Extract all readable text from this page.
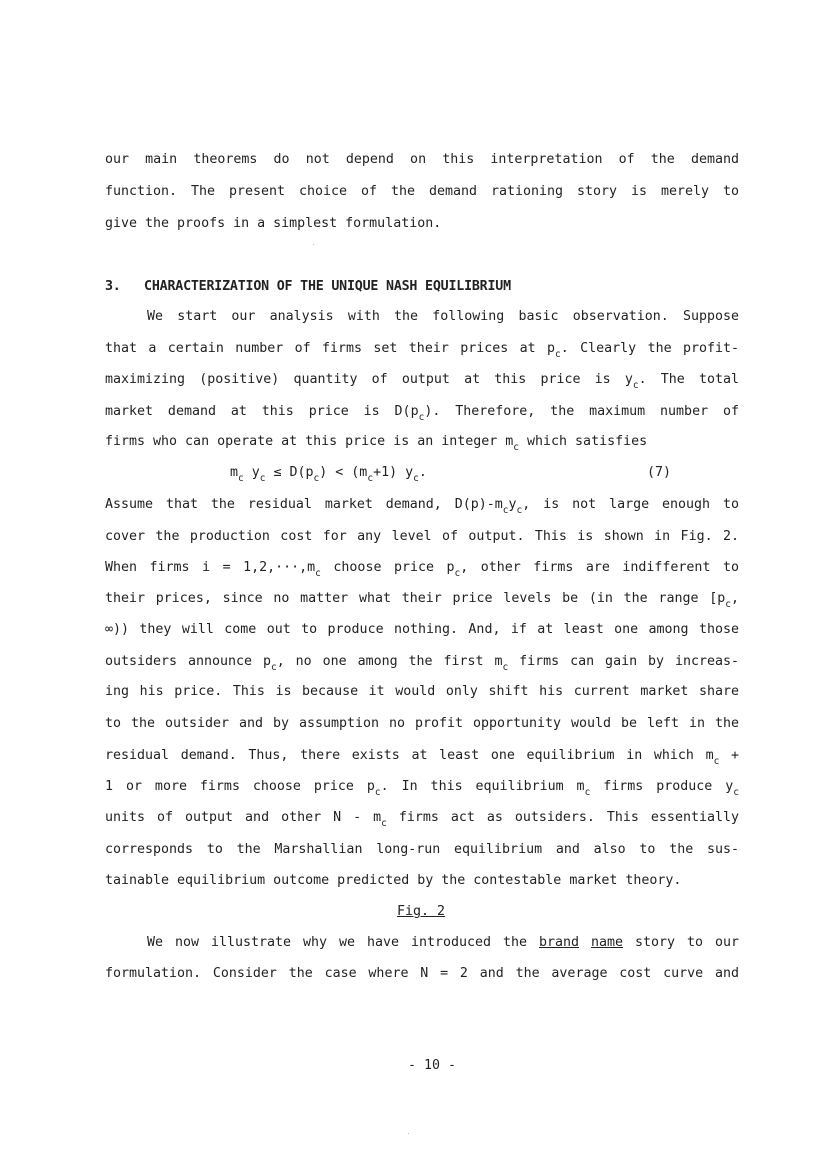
our main theorems do not depend on this interpretation of the demand
function. The present choice of the demand rationing story is merely to
give the proofs in a simplest formulation.
3. CHARACTERIZATION OF THE UNIQUE NASH EQUILIBRIUM
We start our analysis with the following basic observation. Suppose
that a certain number of firms set their prices at $p_c$. Clearly the profit-
maximizing (positive) quantity of output at this price is $y_c$. The total
market demand at this price is $D(p_c)$. Therefore, the maximum number of
firms who can operate at this price is an integer $m_c$ which satisfies
$m_c$ $y_c \le D(p_c) < (m_c+1)$ $y_c$.	(7)
Assume that the residual market demand, $D(p)-m_cy_c$, is not large enough to
cover the production cost for any level of output. This is shown in Fig. 2.
When firms $i = 1,2,\cdot\cdot\cdot,m_c$ choose price $p_c$, other firms are indifferent to
their prices, since no matter what their price levels be (in the range [$p_c$,
∞)) they will come out to produce nothing. And, if at least one among those
outsiders announce $p_c$, no one among the first $m_c$ firms can gain by increas-
ing his price. This is because it would only shift his current market share
to the outsider and by assumption no profit opportunity would be left in the
residual demand. Thus, there exists at least one equilibrium in which $m_c$ +
1 or more firms choose price $p_c$. In this equilibrium $m_c$ firms produce $y_c$
units of output and other N - $m_c$ firms act as outsiders. This essentially
corresponds to the Marshallian long-run equilibrium and also to the sus-
tainable equilibrium outcome predicted by the contestable market theory.
Fig. 2
We now illustrate why we have introduced the brand name story to our
formulation. Consider the case where N = 2 and the average cost curve and
- 10 -
